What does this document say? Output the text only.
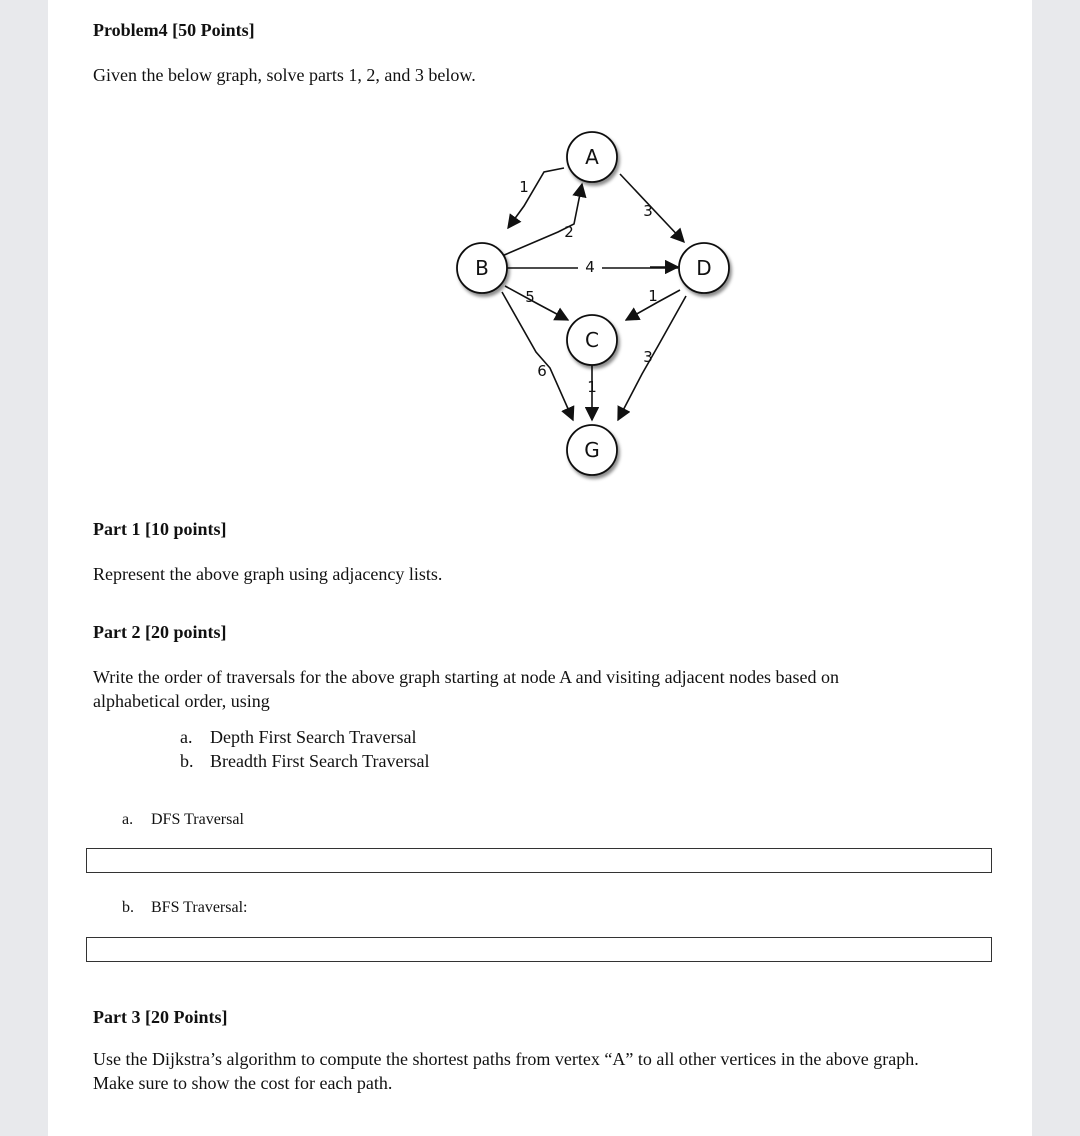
Problem4 [50 Points]
Given the below graph, solve parts 1, 2, and 3 below.
1
3
2
4
5
6
1
3
1
A
B
C
D
G
Part 1 [10 points]
Represent the above graph using adjacency lists.
Part 2 [20 points]
Write the order of traversals for the above graph starting at node A and visiting adjacent nodes based on
alphabetical order, using
a. Depth First Search Traversal
b. Breadth First Search Traversal
a. DFS Traversal
b. BFS Traversal:
Part 3 [20 Points]
Use the Dijkstra’s algorithm to compute the shortest paths from vertex “A” to all other vertices in the above graph.
Make sure to show the cost for each path.
